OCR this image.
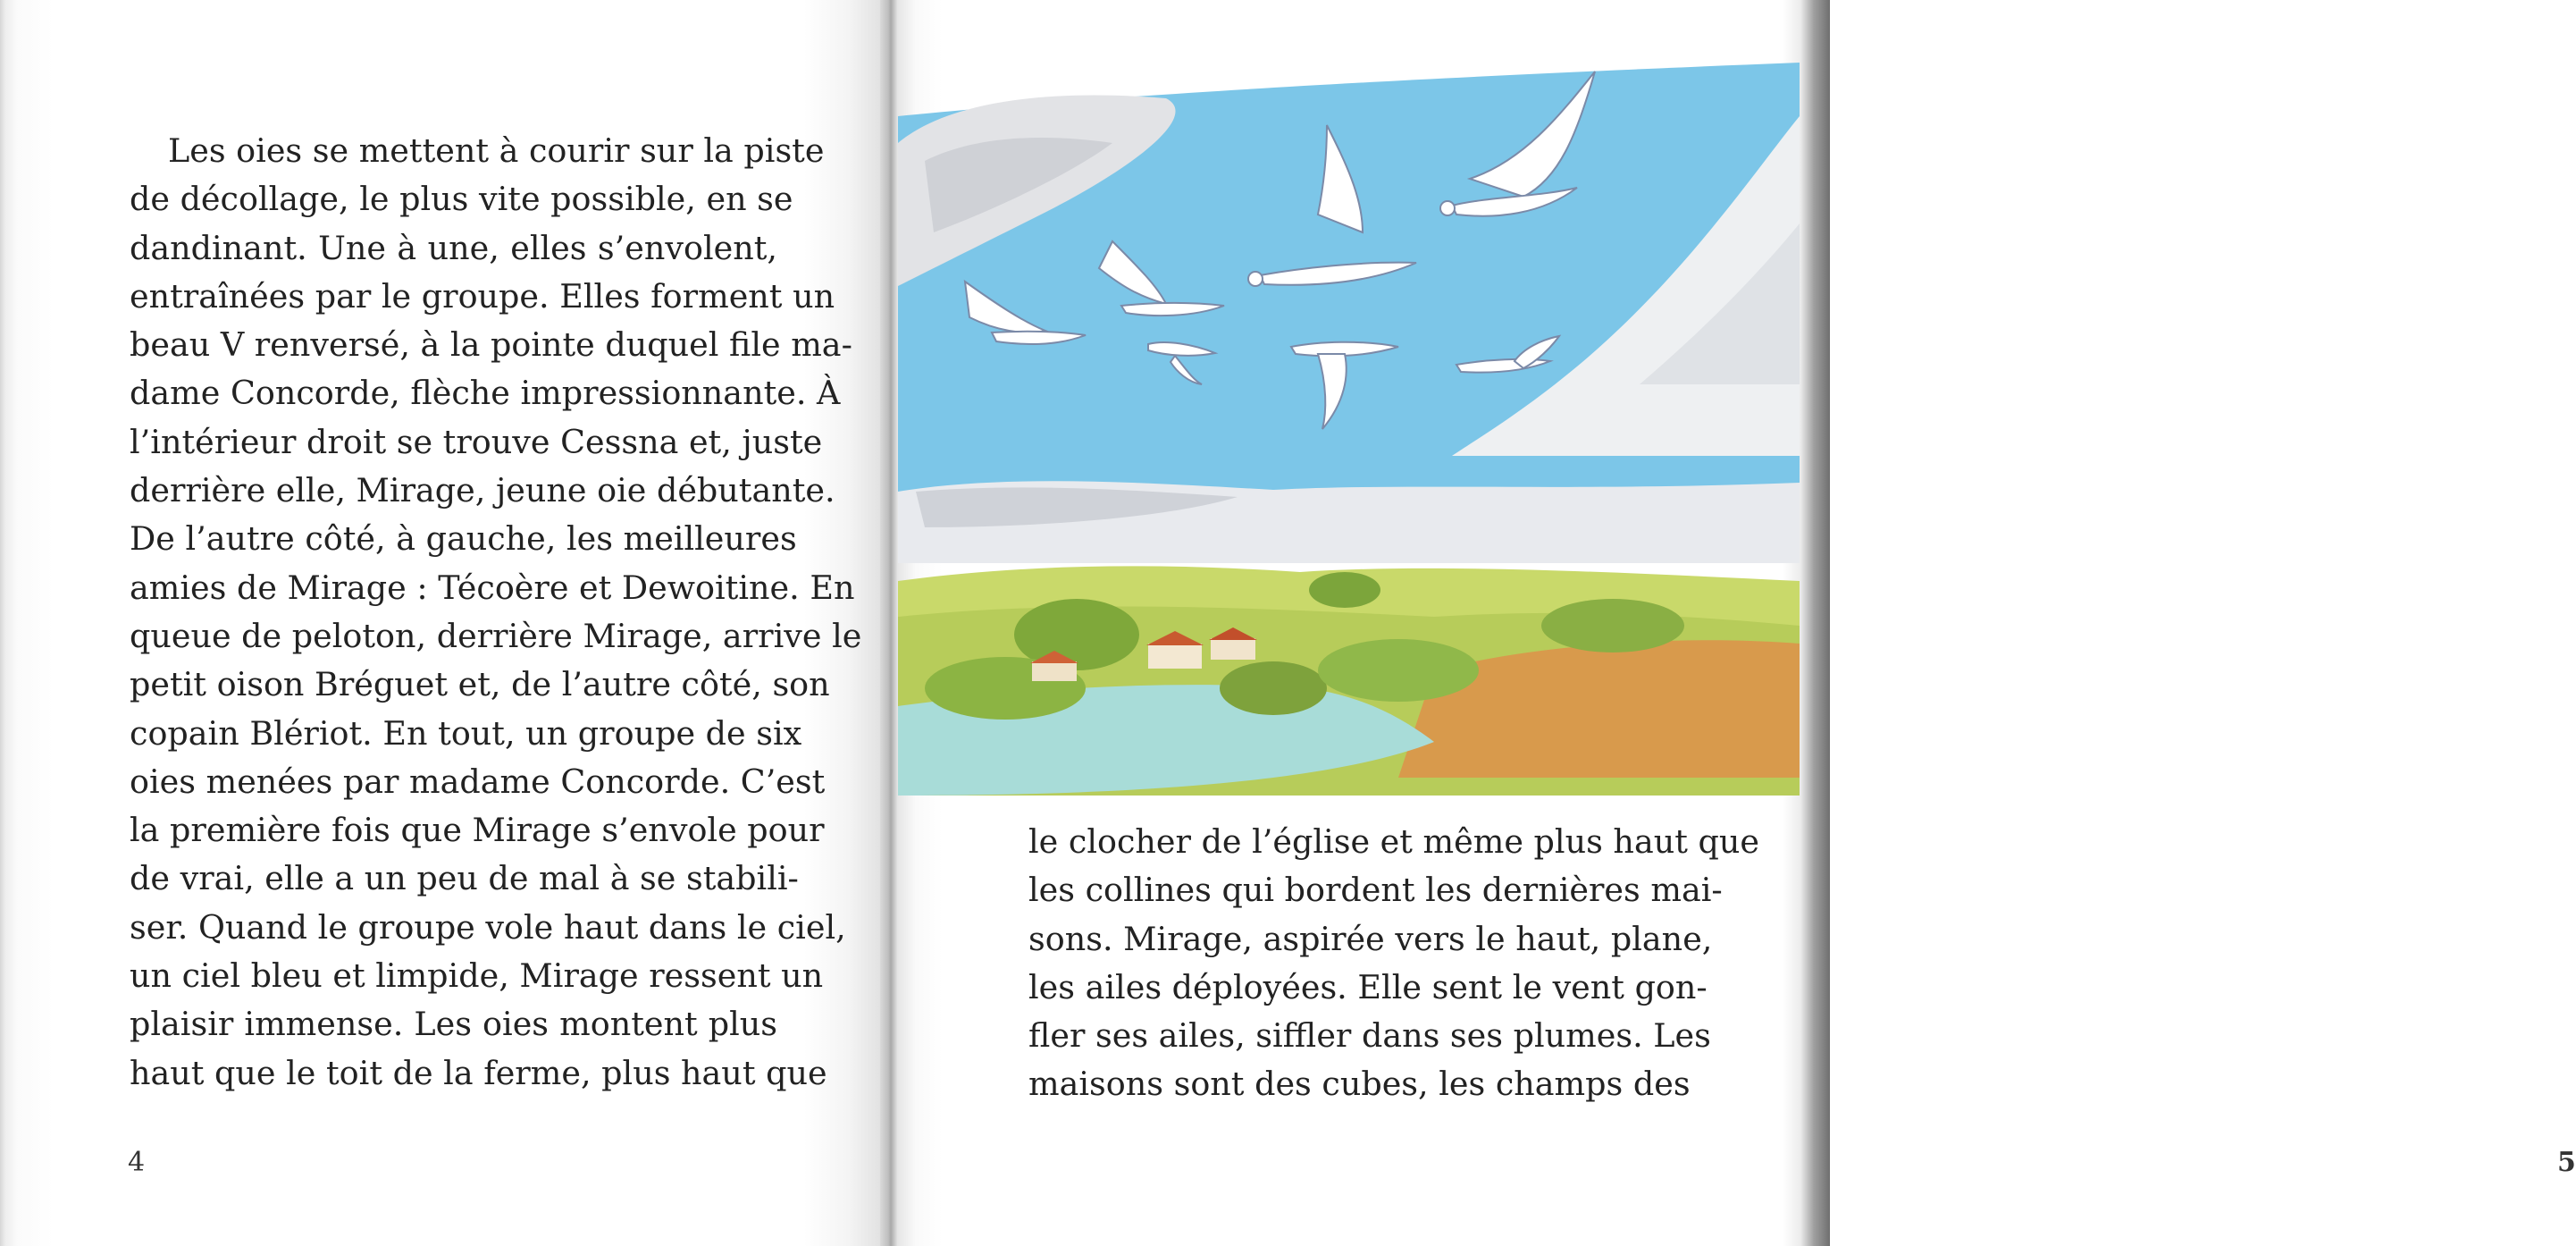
Les oies se mettent à courir sur la piste
de décollage, le plus vite possible, en se
dandinant. Une à une, elles s’envolent,
entraînées par le groupe. Elles forment un
beau V renversé, à la pointe duquel file ma-
dame Concorde, flèche impressionnante. À
l’intérieur droit se trouve Cessna et, juste
derrière elle, Mirage, jeune oie débutante.
De l’autre côté, à gauche, les meilleures
amies de Mirage : Técoère et Dewoitine. En
queue de peloton, derrière Mirage, arrive le
petit oison Bréguet et, de l’autre côté, son
copain Blériot. En tout, un groupe de six
oies menées par madame Concorde. C’est
la première fois que Mirage s’envole pour
de vrai, elle a un peu de mal à se stabili-
ser. Quand le groupe vole haut dans le ciel,
un ciel bleu et limpide, Mirage ressent un
plaisir immense. Les oies montent plus
haut que le toit de la ferme, plus haut que
4
le clocher de l’église et même plus haut que
les collines qui bordent les dernières mai-
sons. Mirage, aspirée vers le haut, plane,
les ailes déployées. Elle sent le vent gon-
fler ses ailes, siffler dans ses plumes. Les
maisons sont des cubes, les champs des
5
